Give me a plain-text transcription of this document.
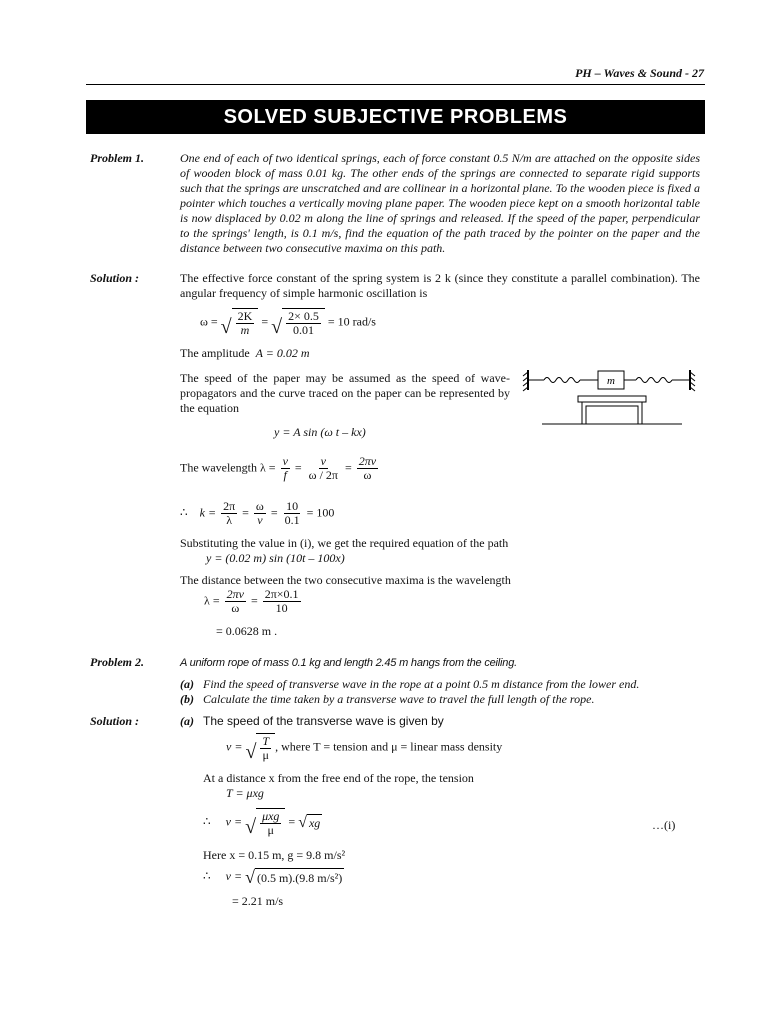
PH – Waves & Sound - 27
SOLVED SUBJECTIVE PROBLEMS
Problem 1.	One end of each of two identical springs, each of force constant 0.5 N/m are attached on the opposite sides of wooden block of mass 0.01 kg. The other ends of the springs are connected to separate rigid supports such that the springs are unscratched and are collinear in a horizontal plane. To the wooden piece is fixed a pointer which touches a vertically moving plane paper. The wooden piece kept on a smooth horizontal table is now displaced by 0.02 m along the line of springs and released. If the speed of the paper, perpendicular to the springs' length, is 0.1 m/s, find the equation of the path traced by the pointer on the paper and the distance between two consecutive maxima on this path.
Solution :	The effective force constant of the spring system is 2 k (since they constitute a parallel combination). The angular frequency of simple harmonic oscillation is
ω = √ $\frac{2K}{m}$ = √ $\frac{2\times 0.5}{0.01} = 10$ rad/s
The amplitude A = 0.02 m
The speed of the paper may be assumed as the speed of wave-propagators and the curve traced on the paper can be represented by the equation
m
y = A sin (ω t – kx)
The wavelength $\lambda = \frac{v}{f} = \frac{v}{\omega / 2\pi} = \frac{2\pi v}{\omega}$
∴ $k = \frac{2\pi}{\lambda} = \frac{\omega}{v} = \frac{10}{0.1} = 100$
Substituting the value in (i), we get the required equation of the path
y = (0.02 m) sin (10t – 100x)
The distance between the two consecutive maxima is the wavelength
$\lambda = \frac{2\pi v}{\omega} = \frac{2\pi\times 0.1}{10}$
= 0.0628 m .
Problem 2.	A uniform rope of mass 0.1 kg and length 2.45 m hangs from the ceiling.
(a) Find the speed of transverse wave in the rope at a point 0.5 m distance from the lower end.
(b) Calculate the time taken by a transverse wave to travel the full length of the rope.
Solution :	(a) The speed of the transverse wave is given by
v = √ $\frac{T}{\mu}$ , where T = tension and μ = linear mass density
At a distance x from the free end of the rope, the tension
T = μxg
∴ v = √ $\frac{\text{μxg}}{\mu}$ = √ xg	…(i)
Here x = 0.15 m, g = 9.8 m/s²
∴ v = √ (0.5 m).(9.8 m/s²)
= 2.21 m/s
